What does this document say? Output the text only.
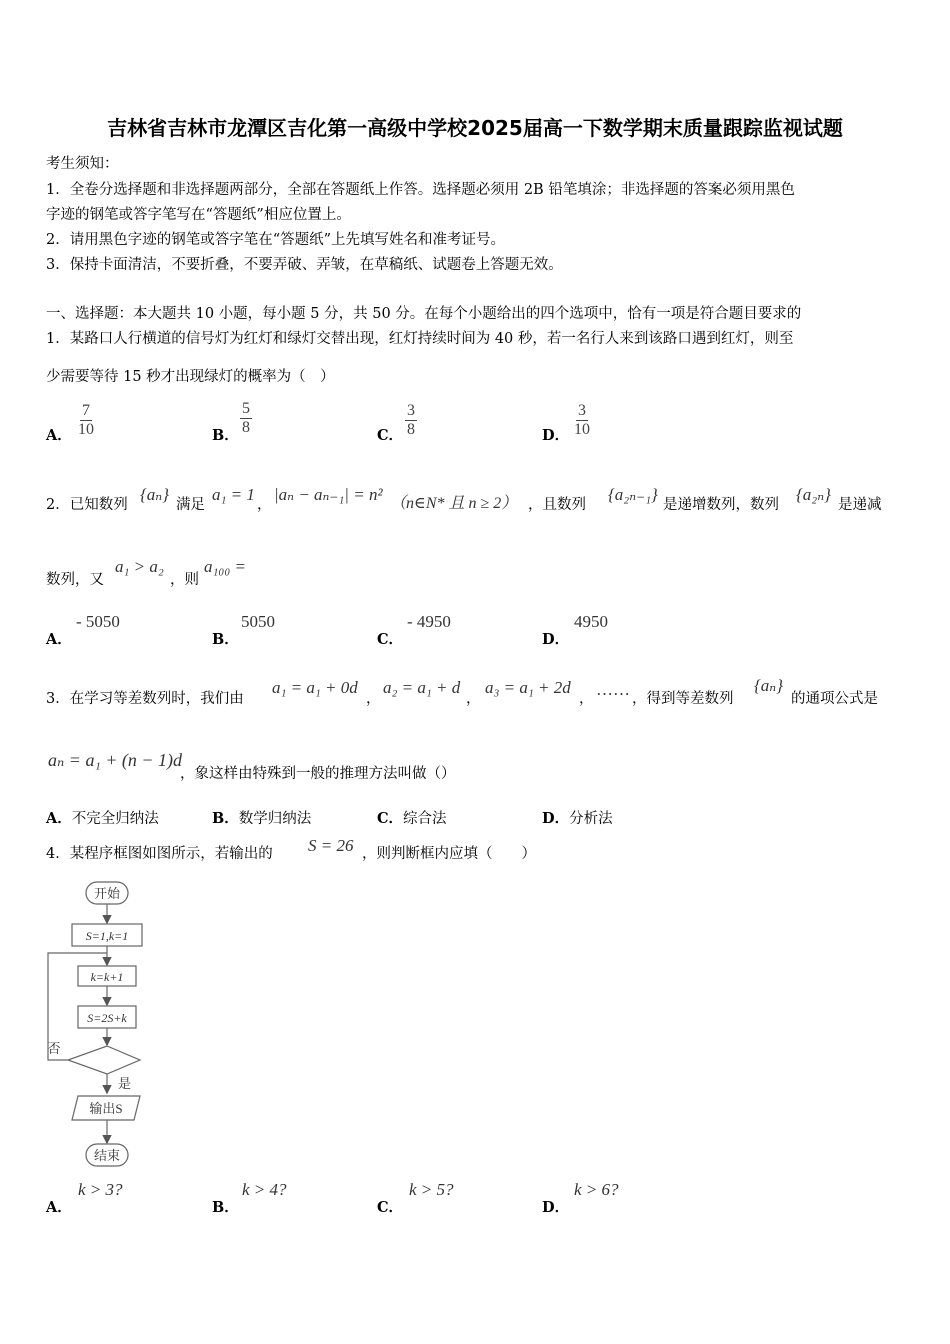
吉林省吉林市龙潭区吉化第一高级中学校2025届高一下数学期末质量跟踪监视试题
考生须知：
1．全卷分选择题和非选择题两部分，全部在答题纸上作答。选择题必须用 2B 铅笔填涂；非选择题的答案必须用黑色
字迹的钢笔或答字笔写在“答题纸”相应位置上。
2．请用黑色字迹的钢笔或答字笔在“答题纸”上先填写姓名和准考证号。
3．保持卡面清洁，不要折叠，不要弄破、弄皱，在草稿纸、试题卷上答题无效。
一、选择题：本大题共 10 小题，每小题 5 分，共 50 分。在每个小题给出的四个选项中，恰有一项是符合题目要求的
1．某路口人行横道的信号灯为红灯和绿灯交替出现，红灯持续时间为 40 秒，若一名行人来到该路口遇到红灯，则至
少需要等待 15 秒才出现绿灯的概率为（　）
A． $\frac{7}{10}$	B． $\frac{5}{8}$	C． $\frac{3}{8}$	D． $\frac{3}{10}$
2．已知数列
{aₙ}
满足
a₁ = 1
，
|aₙ − aₙ₋₁| = n² （n∈N* 且 n ≥ 2） ，且数列
{a₂ₙ₋₁}
是递增数列，数列
{a₂ₙ}
是递减
数列，又
a₁ > a₂
，则
a₁₀₀ =
A．
- 5050
B．
5050
C．
- 4950
D．
4950
3．在学习等差数列时，我们由
a₁ = a₁ + 0d
，
a₂ = a₁ + d
，
a₃ = a₁ + 2d
， …… ，得到等差数列
{aₙ}
的通项公式是
aₙ = a₁ + (n − 1)d
，象这样由特殊到一般的推理方法叫做（）
A．不完全归纳法	B．数学归纳法	C．综合法	D．分析法
4．某程序框图如图所示，若输出的 S = 26 ，则判断框内应填（　　）
开始
S=1,k=1
k=k+1
S=2S+k
否
是
输出S
结束
A．
k > 3?
B．
k > 4?
C．
k > 5?
D．
k > 6?
